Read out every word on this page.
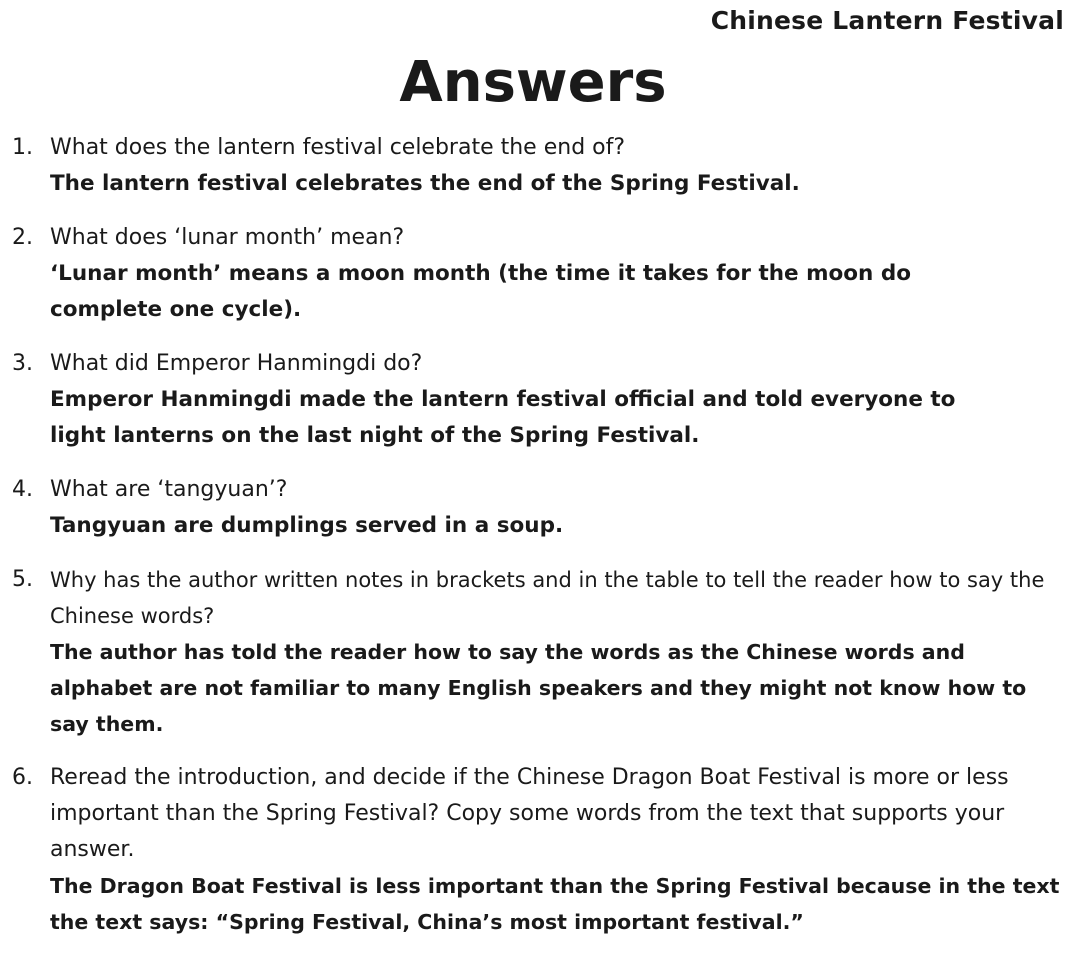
Chinese Lantern Festival
Answers
1. What does the lantern festival celebrate the end of?
The lantern festival celebrates the end of the Spring Festival.
2. What does ‘lunar month’ mean?
‘Lunar month’ means a moon month (the time it takes for the moon do complete one cycle).
3. What did Emperor Hanmingdi do?
Emperor Hanmingdi made the lantern festival official and told everyone to light lanterns on the last night of the Spring Festival.
4. What are ‘tangyuan’?
Tangyuan are dumplings served in a soup.
5. Why has the author written notes in brackets and in the table to tell the reader how to say the Chinese words?
The author has told the reader how to say the words as the Chinese words and alphabet are not familiar to many English speakers and they might not know how to say them.
6. Reread the introduction, and decide if the Chinese Dragon Boat Festival is more or less important than the Spring Festival? Copy some words from the text that supports your answer.
The Dragon Boat Festival is less important than the Spring Festival because in the text the text says: “Spring Festival, China’s most important festival.”
